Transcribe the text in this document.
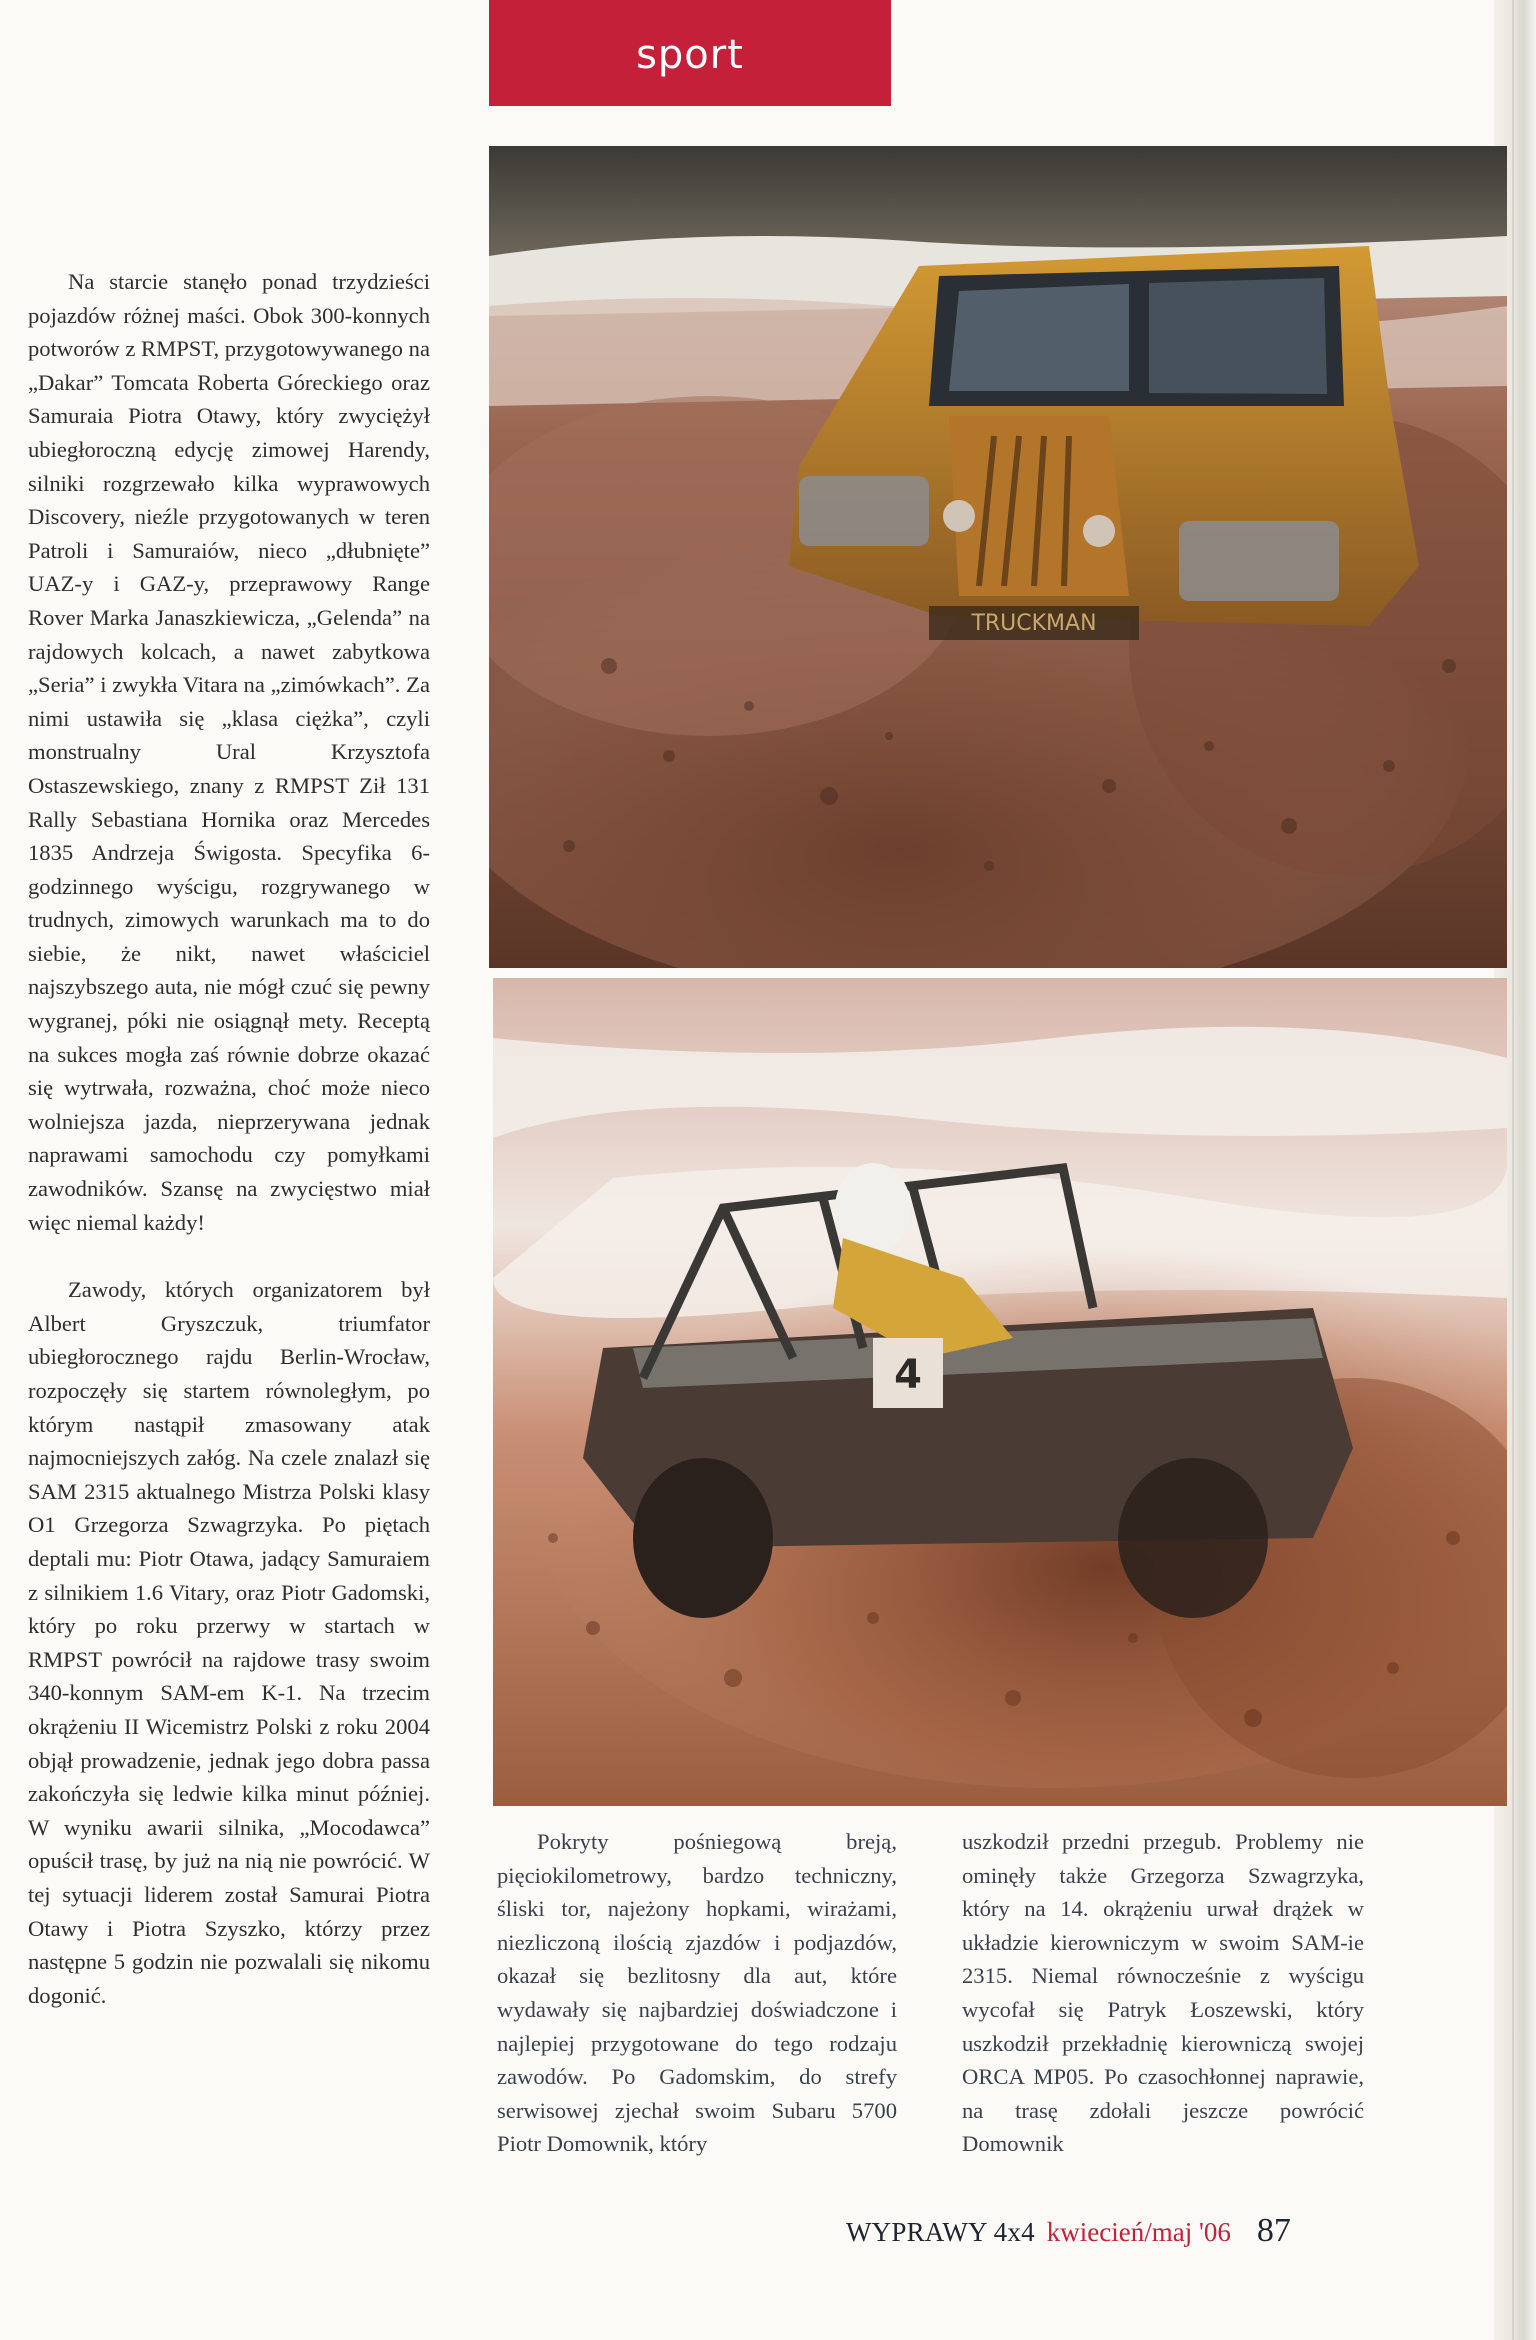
sport

Na starcie stanęło ponad trzydzieści pojazdów różnej maści. Obok 300-konnych potworów z RMPST, przygotowywanego na „Dakar” Tomcata Roberta Góreckiego oraz Samuraia Piotra Otawy, który zwyciężył ubiegłoroczną edycję zimowej Harendy, silniki rozgrzewało kilka wyprawowych Discovery, nieźle przygotowanych w teren Patroli i Samuraiów, nieco „dłubnięte” UAZ-y i GAZ-y, przeprawowy Range Rover Marka Janaszkiewicza, „Gelenda” na rajdowych kolcach, a nawet zabytkowa „Seria” i zwykła Vitara na „zimówkach”. Za nimi ustawiła się „klasa ciężka”, czyli monstrualny Ural Krzysztofa Ostaszewskiego, znany z RMPST Ził 131 Rally Sebastiana Hornika oraz Mercedes 1835 Andrzeja Świgosta. Specyfika 6-godzinnego wyścigu, rozgrywanego w trudnych, zimowych warunkach ma to do siebie, że nikt, nawet właściciel najszybszego auta, nie mógł czuć się pewny wygranej, póki nie osiągnął mety. Receptą na sukces mogła zaś równie dobrze okazać się wytrwała, rozważna, choć może nieco wolniejsza jazda, nieprzerywana jednak naprawami samochodu czy pomyłkami zawodników. Szansę na zwycięstwo miał więc niemal każdy!

Zawody, których organizatorem był Albert Gryszczuk, triumfator ubiegłorocznego rajdu Berlin-Wrocław, rozpoczęły się startem równoległym, po którym nastąpił zmasowany atak najmocniejszych załóg. Na czele znalazł się SAM 2315 aktualnego Mistrza Polski klasy O1 Grzegorza Szwagrzyka. Po piętach deptali mu: Piotr Otawa, jadący Samuraiem z silnikiem 1.6 Vitary, oraz Piotr Gadomski, który po roku przerwy w startach w RMPST powrócił na rajdowe trasy swoim 340-konnym SAM-em K-1. Na trzecim okrążeniu II Wicemistrz Polski z roku 2004 objął prowadzenie, jednak jego dobra passa zakończyła się ledwie kilka minut później. W wyniku awarii silnika, „Mocodawca” opuścił trasę, by już na nią nie powrócić. W tej sytuacji liderem został Samurai Piotra Otawy i Piotra Szyszko, którzy przez następne 5 godzin nie pozwalali się nikomu dogonić.

TRUCKMAN
4

Pokryty pośniegową breją, pięciokilometrowy, bardzo techniczny, śliski tor, najeżony hopkami, wirażami, niezliczoną ilością zjazdów i podjazdów, okazał się bezlitosny dla aut, które wydawały się najbardziej doświadczone i najlepiej przygotowane do tego rodzaju zawodów. Po Gadomskim, do strefy serwisowej zjechał swoim Subaru 5700 Piotr Domownik, który

uszkodził przedni przegub. Problemy nie ominęły także Grzegorza Szwagrzyka, który na 14. okrążeniu urwał drążek w układzie kierowniczym w swoim SAM-ie 2315. Niemal równocześnie z wyścigu wycofał się Patryk Łoszewski, który uszkodził przekładnię kierowniczą swojej ORCA MP05. Po czasochłonnej naprawie, na trasę zdołali jeszcze powrócić Domownik

WYPRAWY 4x4 kwiecień/maj '06 87
